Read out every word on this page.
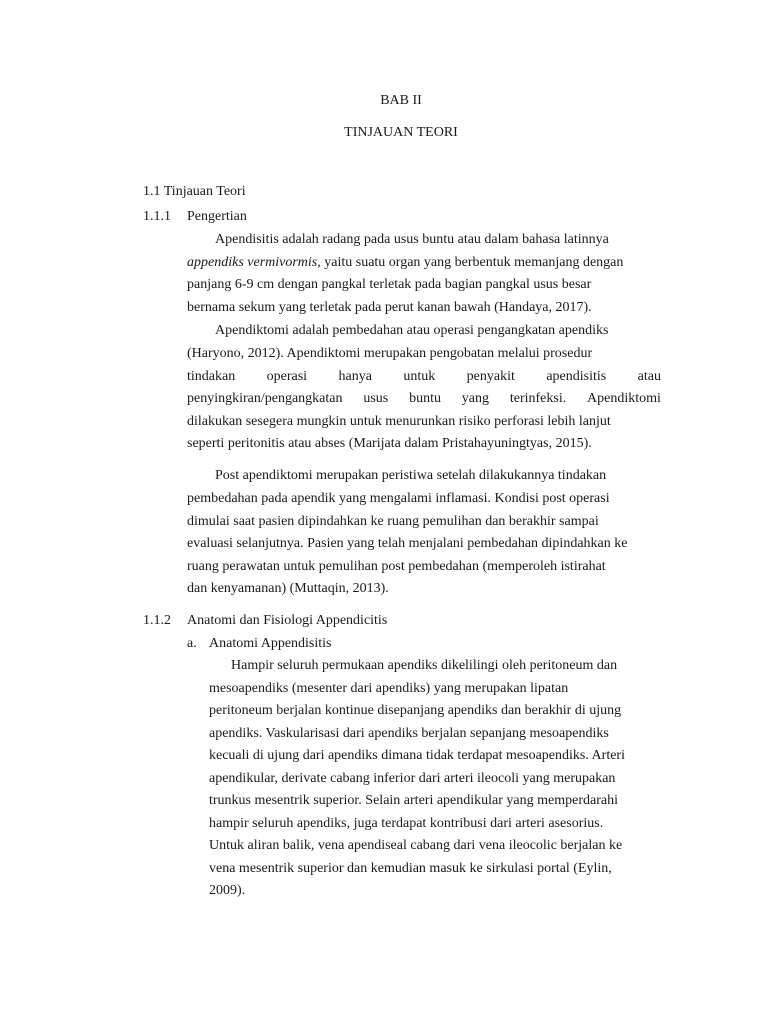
BAB II
TINJAUAN TEORI
1.1 Tinjauan Teori
1.1.1 Pengertian
Apendisitis adalah radang pada usus buntu atau dalam bahasa latinnya
appendiks vermivormis, yaitu suatu organ yang berbentuk memanjang dengan
panjang 6-9 cm dengan pangkal terletak pada bagian pangkal usus besar
bernama sekum yang terletak pada perut kanan bawah (Handaya, 2017).
Apendiktomi adalah pembedahan atau operasi pengangkatan apendiks
(Haryono, 2012). Apendiktomi merupakan pengobatan melalui prosedur
tindakan operasi hanya untuk penyakit apendisitis atau
penyingkiran/pengangkatan usus buntu yang terinfeksi. Apendiktomi
dilakukan sesegera mungkin untuk menurunkan risiko perforasi lebih lanjut
seperti peritonitis atau abses (Marijata dalam Pristahayuningtyas, 2015).
Post apendiktomi merupakan peristiwa setelah dilakukannya tindakan
pembedahan pada apendik yang mengalami inflamasi. Kondisi post operasi
dimulai saat pasien dipindahkan ke ruang pemulihan dan berakhir sampai
evaluasi selanjutnya. Pasien yang telah menjalani pembedahan dipindahkan ke
ruang perawatan untuk pemulihan post pembedahan (memperoleh istirahat
dan kenyamanan) (Muttaqin, 2013).
1.1.2 Anatomi dan Fisiologi Appendicitis
a. Anatomi Appendisitis
Hampir seluruh permukaan apendiks dikelilingi oleh peritoneum dan
mesoapendiks (mesenter dari apendiks) yang merupakan lipatan
peritoneum berjalan kontinue disepanjang apendiks dan berakhir di ujung
apendiks. Vaskularisasi dari apendiks berjalan sepanjang mesoapendiks
kecuali di ujung dari apendiks dimana tidak terdapat mesoapendiks. Arteri
apendikular, derivate cabang inferior dari arteri ileocoli yang merupakan
trunkus mesentrik superior. Selain arteri apendikular yang memperdarahi
hampir seluruh apendiks, juga terdapat kontribusi dari arteri asesorius.
Untuk aliran balik, vena apendiseal cabang dari vena ileocolic berjalan ke
vena mesentrik superior dan kemudian masuk ke sirkulasi portal (Eylin,
2009).
